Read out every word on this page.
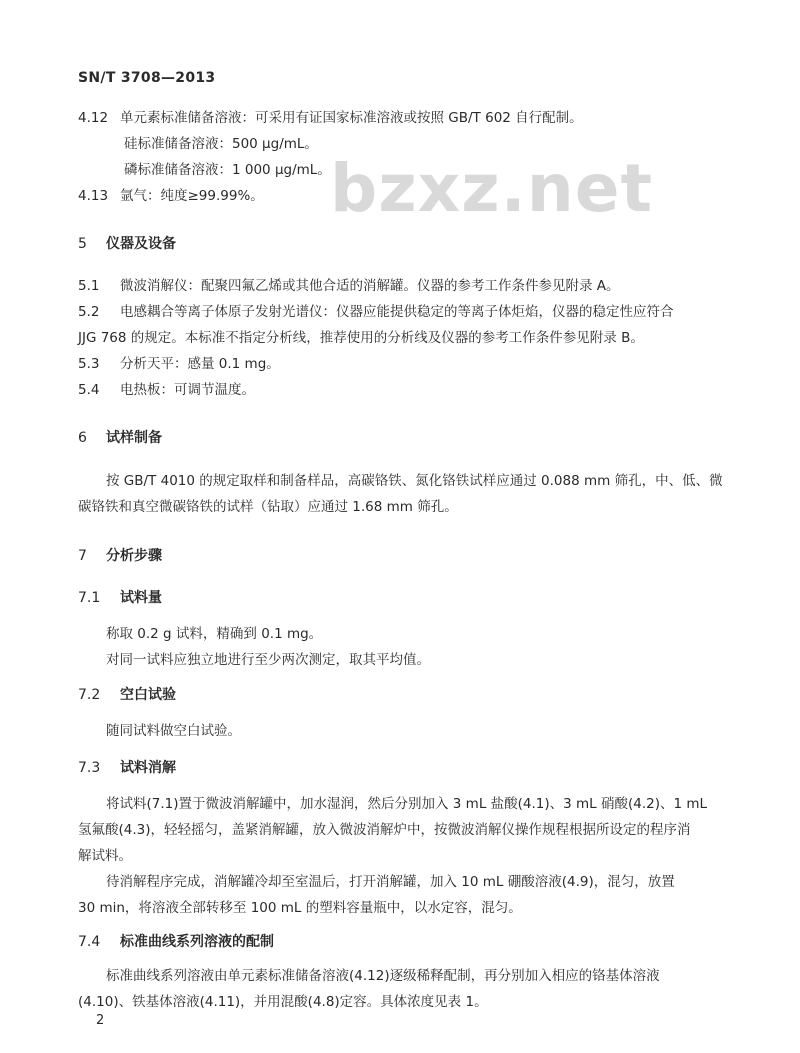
SN/T 3708—2013
bzxz.net
4.12 单元素标准储备溶液：可采用有证国家标准溶液或按照 GB/T 602 自行配制。
硅标准储备溶液：500 μg/mL。
磷标准储备溶液：1 000 μg/mL。
4.13 氩气：纯度≥99.99%。
5 仪器及设备
5.1 微波消解仪：配聚四氟乙烯或其他合适的消解罐。仪器的参考工作条件参见附录 A。
5.2 电感耦合等离子体原子发射光谱仪：仪器应能提供稳定的等离子体炬焰，仪器的稳定性应符合
JJG 768 的规定。本标准不指定分析线，推荐使用的分析线及仪器的参考工作条件参见附录 B。
5.3 分析天平：感量 0.1 mg。
5.4 电热板：可调节温度。
6 试样制备
按 GB/T 4010 的规定取样和制备样品，高碳铬铁、氮化铬铁试样应通过 0.088 mm 筛孔，中、低、微
碳铬铁和真空微碳铬铁的试样（钻取）应通过 1.68 mm 筛孔。
7 分析步骤
7.1 试料量
称取 0.2 g 试料，精确到 0.1 mg。
对同一试料应独立地进行至少两次测定，取其平均值。
7.2 空白试验
随同试料做空白试验。
7.3 试料消解
将试料(7.1)置于微波消解罐中，加水湿润，然后分别加入 3 mL 盐酸(4.1)、3 mL 硝酸(4.2)、1 mL
氢氟酸(4.3)，轻轻摇匀，盖紧消解罐，放入微波消解炉中，按微波消解仪操作规程根据所设定的程序消
解试料。
待消解程序完成，消解罐冷却至室温后，打开消解罐，加入 10 mL 硼酸溶液(4.9)，混匀，放置
30 min，将溶液全部转移至 100 mL 的塑料容量瓶中，以水定容，混匀。
7.4 标准曲线系列溶液的配制
标准曲线系列溶液由单元素标准储备溶液(4.12)逐级稀释配制，再分别加入相应的铬基体溶液
(4.10)、铁基体溶液(4.11)，并用混酸(4.8)定容。具体浓度见表 1。
2
